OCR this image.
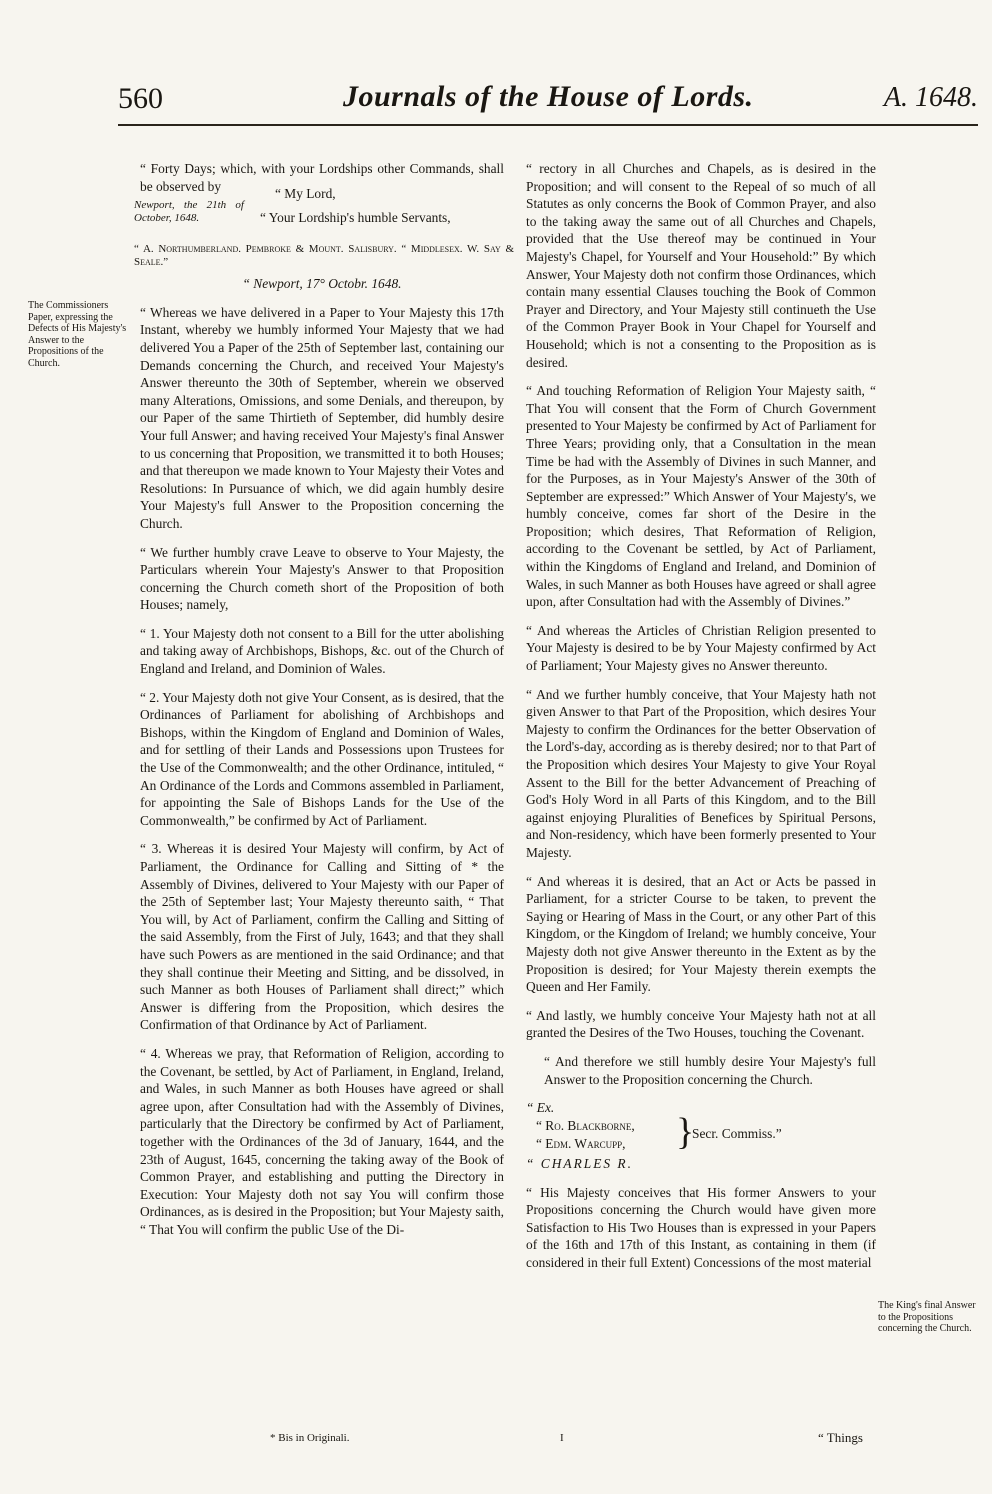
560	Journals of the House of Lords.	A. 1648.
The Commissioners Paper, expressing the Defects of His Majesty's Answer to the Propositions of the Church.
The King's final Answer to the Propositions concerning the Church.

“ Forty Days; which, with your Lordships other Commands, shall be observed by

“ My Lord,
Newport, the 21th of October, 1648.	“ Your Lordship's humble Servants,
“ A. Northumberland. Pembroke & Mount. Salisbury. “ Middlesex. W. Say & Seale.”

“ Newport, 17° Octobr. 1648.

“ Whereas we have delivered in a Paper to Your Majesty this 17th Instant, whereby we humbly informed Your Majesty that we had delivered You a Paper of the 25th of September last, containing our Demands concerning the Church, and received Your Majesty's Answer thereunto the 30th of September, wherein we observed many Alterations, Omissions, and some Denials, and thereupon, by our Paper of the same Thirtieth of September, did humbly desire Your full Answer; and having received Your Majesty's final Answer to us concerning that Proposition, we transmitted it to both Houses; and that thereupon we made known to Your Majesty their Votes and Resolutions: In Pursuance of which, we did again humbly desire Your Majesty's full Answer to the Proposition concerning the Church.

“ We further humbly crave Leave to observe to Your Majesty, the Particulars wherein Your Majesty's Answer to that Proposition concerning the Church cometh short of the Proposition of both Houses; namely,

“ 1. Your Majesty doth not consent to a Bill for the utter abolishing and taking away of Archbishops, Bishops, &c. out of the Church of England and Ireland, and Dominion of Wales.

“ 2. Your Majesty doth not give Your Consent, as is desired, that the Ordinances of Parliament for abolishing of Archbishops and Bishops, within the Kingdom of England and Dominion of Wales, and for settling of their Lands and Possessions upon Trustees for the Use of the Commonwealth; and the other Ordinance, intituled, “ An Ordinance of the Lords and Commons assembled in Parliament, for appointing the Sale of Bishops Lands for the Use of the Commonwealth,” be confirmed by Act of Parliament.

“ 3. Whereas it is desired Your Majesty will confirm, by Act of Parliament, the Ordinance for Calling and Sitting of * the Assembly of Divines, delivered to Your Majesty with our Paper of the 25th of September last; Your Majesty thereunto saith, “ That You will, by Act of Parliament, confirm the Calling and Sitting of the said Assembly, from the First of July, 1643; and that they shall have such Powers as are mentioned in the said Ordinance; and that they shall continue their Meeting and Sitting, and be dissolved, in such Manner as both Houses of Parliament shall direct;” which Answer is differing from the Proposition, which desires the Confirmation of that Ordinance by Act of Parliament.

“ 4. Whereas we pray, that Reformation of Religion, according to the Covenant, be settled, by Act of Parliament, in England, Ireland, and Wales, in such Manner as both Houses have agreed or shall agree upon, after Consultation had with the Assembly of Divines, particularly that the Directory be confirmed by Act of Parliament, together with the Ordinances of the 3d of January, 1644, and the 23th of August, 1645, concerning the taking away of the Book of Common Prayer, and establishing and putting the Directory in Execution: Your Majesty doth not say You will confirm those Ordinances, as is desired in the Proposition; but Your Majesty saith, “ That You will confirm the public Use of the Di-

“ rectory in all Churches and Chapels, as is desired in the Proposition; and will consent to the Repeal of so much of all Statutes as only concerns the Book of Common Prayer, and also to the taking away the same out of all Churches and Chapels, provided that the Use thereof may be continued in Your Majesty's Chapel, for Yourself and Your Household:” By which Answer, Your Majesty doth not confirm those Ordinances, which contain many essential Clauses touching the Book of Common Prayer and Directory, and Your Majesty still continueth the Use of the Common Prayer Book in Your Chapel for Yourself and Household; which is not a consenting to the Proposition as is desired.

“ And touching Reformation of Religion Your Majesty saith, “ That You will consent that the Form of Church Government presented to Your Majesty be confirmed by Act of Parliament for Three Years; providing only, that a Consultation in the mean Time be had with the Assembly of Divines in such Manner, and for the Purposes, as in Your Majesty's Answer of the 30th of September are expressed:” Which Answer of Your Majesty's, we humbly conceive, comes far short of the Desire in the Proposition; which desires, That Reformation of Religion, according to the Covenant be settled, by Act of Parliament, within the Kingdoms of England and Ireland, and Dominion of Wales, in such Manner as both Houses have agreed or shall agree upon, after Consultation had with the Assembly of Divines.”

“ And whereas the Articles of Christian Religion presented to Your Majesty is desired to be by Your Majesty confirmed by Act of Parliament; Your Majesty gives no Answer thereunto.

“ And we further humbly conceive, that Your Majesty hath not given Answer to that Part of the Proposition, which desires Your Majesty to confirm the Ordinances for the better Observation of the Lord's-day, according as is thereby desired; nor to that Part of the Proposition which desires Your Majesty to give Your Royal Assent to the Bill for the better Advancement of Preaching of God's Holy Word in all Parts of this Kingdom, and to the Bill against enjoying Pluralities of Benefices by Spiritual Persons, and Non-residency, which have been formerly presented to Your Majesty.

“ And whereas it is desired, that an Act or Acts be passed in Parliament, for a stricter Course to be taken, to prevent the Saying or Hearing of Mass in the Court, or any other Part of this Kingdom, or the Kingdom of Ireland; we humbly conceive, Your Majesty doth not give Answer thereunto in the Extent as by the Proposition is desired; for Your Majesty therein exempts the Queen and Her Family.

“ And lastly, we humbly conceive Your Majesty hath not at all granted the Desires of the Two Houses, touching the Covenant.

“ And therefore we still humbly desire Your Majesty's full Answer to the Proposition concerning the Church.

“ Ex.
“ Ro. Blackborne,
“ Edm. Warcupp, }
Secr. Commiss.”

“ CHARLES R.

“ His Majesty conceives that His former Answers to your Propositions concerning the Church would have given more Satisfaction to His Two Houses than is expressed in your Papers of the 16th and 17th of this Instant, as containing in them (if considered in their full Extent) Concessions of the most material

* Bis in Originali.	I	“ Things
